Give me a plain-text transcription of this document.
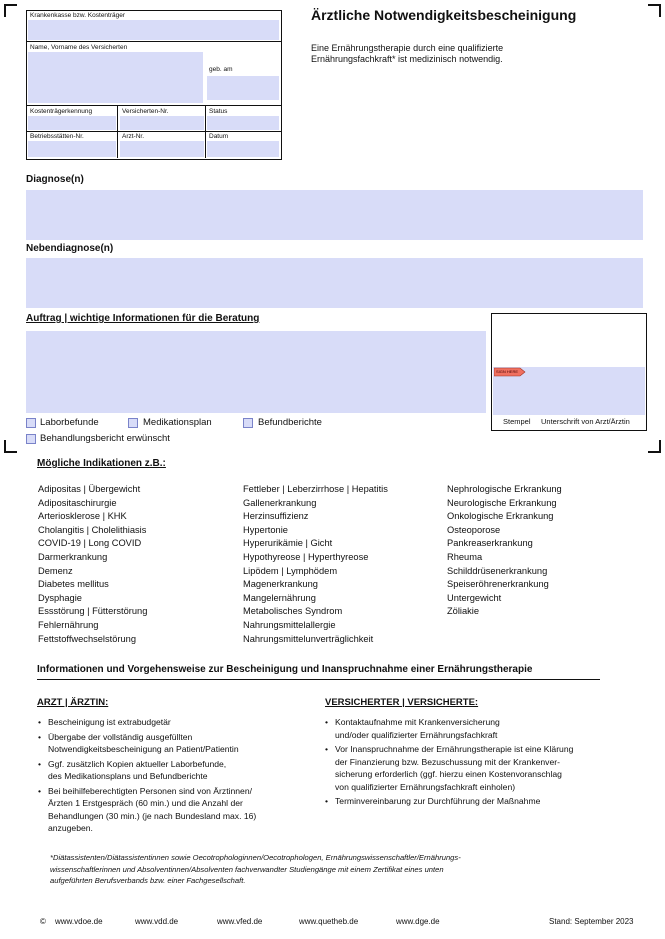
Krankenkasse bzw. Kostenträger
Name, Vorname des Versicherten
geb. am
Kostenträgerkennung	Versicherten-Nr.	Status
Betriebsstätten-Nr.	Arzt-Nr.	Datum
Ärztliche Notwendigkeitsbescheinigung
Eine Ernährungstherapie durch eine qualifizierte
Ernährungsfachkraft* ist medizinisch notwendig.
Diagnose(n)
Nebendiagnose(n)
Auftrag | wichtige Informationen für die Beratung
SIGN HERE
Stempel Unterschrift von Arzt/Ärztin
Laborbefunde	Medikationsplan	Befundberichte
Behandlungsbericht erwünscht
Mögliche Indikationen z.B.:
Adipositas | Übergewicht
Adipositaschirurgie
Arteriosklerose | KHK
Cholangitis | Cholelithiasis
COVID-19 | Long COVID
Darmerkrankung
Demenz
Diabetes mellitus
Dysphagie
Essstörung | Fütterstörung
Fehlernährung
Fettstoffwechselstörung
Fettleber | Leberzirrhose | Hepatitis
Gallenerkrankung
Herzinsuffizienz
Hypertonie
Hyperurikämie | Gicht
Hypothyreose | Hyperthyreose
Lipödem | Lymphödem
Magenerkrankung
Mangelernährung
Metabolisches Syndrom
Nahrungsmittelallergie
Nahrungsmittelunverträglichkeit
Nephrologische Erkrankung
Neurologische Erkrankung
Onkologische Erkrankung
Osteoporose
Pankreaserkrankung
Rheuma
Schilddrüsenerkrankung
Speiseröhrenerkrankung
Untergewicht
Zöliakie
Informationen und Vorgehensweise zur Bescheinigung und Inanspruchnahme einer Ernährungstherapie
ARZT | ÄRZTIN:
• Bescheinigung ist extrabudgetär
• Übergabe der vollständig ausgefüllten
Notwendigkeitsbescheinigung an Patient/Patientin
• Ggf. zusätzlich Kopien aktueller Laborbefunde,
des Medikationsplans und Befundberichte
• Bei beihilfeberechtigten Personen sind von Ärztinnen/
Ärzten 1 Erstgespräch (60 min.) und die Anzahl der
Behandlungen (30 min.) (je nach Bundesland max. 16)
anzugeben.
VERSICHERTER | VERSICHERTE:
• Kontaktaufnahme mit Krankenversicherung
und/oder qualifizierter Ernährungsfachkraft
• Vor Inanspruchnahme der Ernährungstherapie ist eine Klärung
der Finanzierung bzw. Bezuschussung mit der Krankenver-
sicherung erforderlich (ggf. hierzu einen Kostenvoranschlag
von qualifizierter Ernährungsfachkraft einholen)
• Terminvereinbarung zur Durchführung der Maßnahme
*Diätassistenten/Diätassistentinnen sowie Oecotrophologinnen/Oecotrophologen, Ernährungswissenschaftler/Ernährungs-
wissenschaftlerinnen und Absolventinnen/Absolventen fachverwandter Studiengänge mit einem Zertifikat eines unten
aufgeführten Berufsverbands bzw. einer Fachgesellschaft.
© www.vdoe.de	www.vdd.de	www.vfed.de	www.quetheb.de	www.dge.de	Stand: September 2023
